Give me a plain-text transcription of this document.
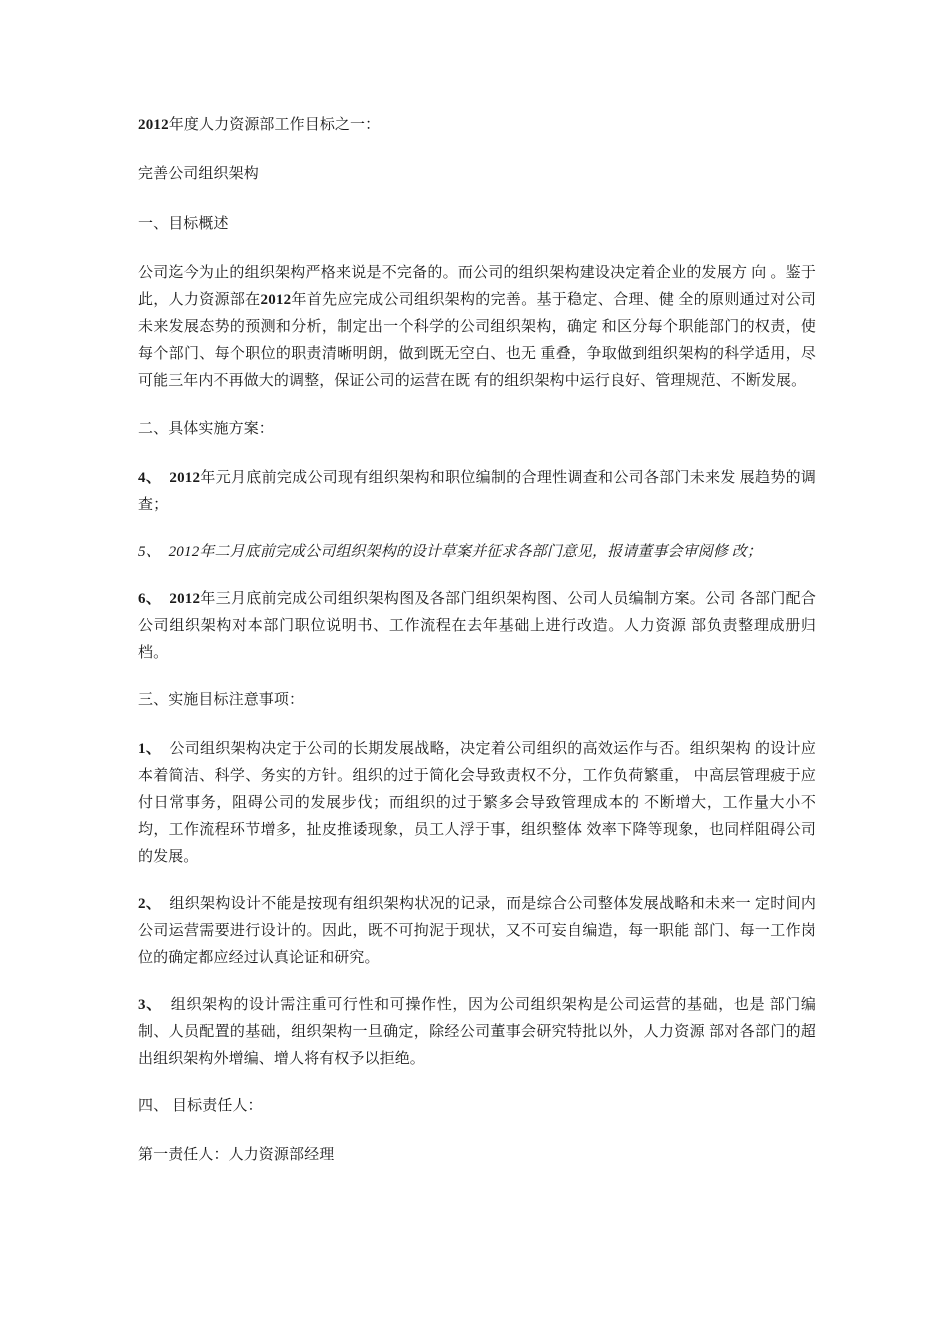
2012年度人力资源部工作目标之一：

完善公司组织架构

一、目标概述

公司迄今为止的组织架构严格来说是不完备的。而公司的组织架构建设决定着企业的发展方 向 。鉴于此，人力资源部在2012年首先应完成公司组织架构的完善。基于稳定、合理、健 全的原则通过对公司未来发展态势的预测和分析，制定出一个科学的公司组织架构，确定 和区分每个职能部门的权责，使每个部门、每个职位的职责清晰明朗，做到既无空白、也无 重叠，争取做到组织架构的科学适用，尽可能三年内不再做大的调整，保证公司的运营在既 有的组织架构中运行良好、管理规范、不断发展。

二、具体实施方案：

4、 2012年元月底前完成公司现有组织架构和职位编制的合理性调查和公司各部门未来发 展趋势的调查；

5、 2012年二月底前完成公司组织架构的设计草案并征求各部门意见，报请董事会审阅修 改；

6、 2012年三月底前完成公司组织架构图及各部门组织架构图、公司人员编制方案。公司 各部门配合公司组织架构对本部门职位说明书、工作流程在去年基础上进行改造。人力资源 部负责整理成册归档。

三、实施目标注意事项：

1、 公司组织架构决定于公司的长期发展战略，决定着公司组织的高效运作与否。组织架构 的设计应本着简洁、科学、务实的方针。组织的过于简化会导致责权不分，工作负荷繁重， 中高层管理疲于应付日常事务，阻碍公司的发展步伐；而组织的过于繁多会导致管理成本的 不断增大，工作量大小不均，工作流程环节增多，扯皮推诿现象，员工人浮于事，组织整体 效率下降等现象，也同样阻碍公司的发展。

2、 组织架构设计不能是按现有组织架构状况的记录，而是综合公司整体发展战略和未来一 定时间内公司运营需要进行设计的。因此，既不可拘泥于现状，又不可妄自编造，每一职能 部门、每一工作岗位的确定都应经过认真论证和研究。

3、 组织架构的设计需注重可行性和可操作性，因为公司组织架构是公司运营的基础，也是 部门编制、人员配置的基础，组织架构一旦确定，除经公司董事会研究特批以外，人力资源 部对各部门的超出组织架构外增编、增人将有权予以拒绝。

四、 目标责任人：

第一责任人：人力资源部经理
